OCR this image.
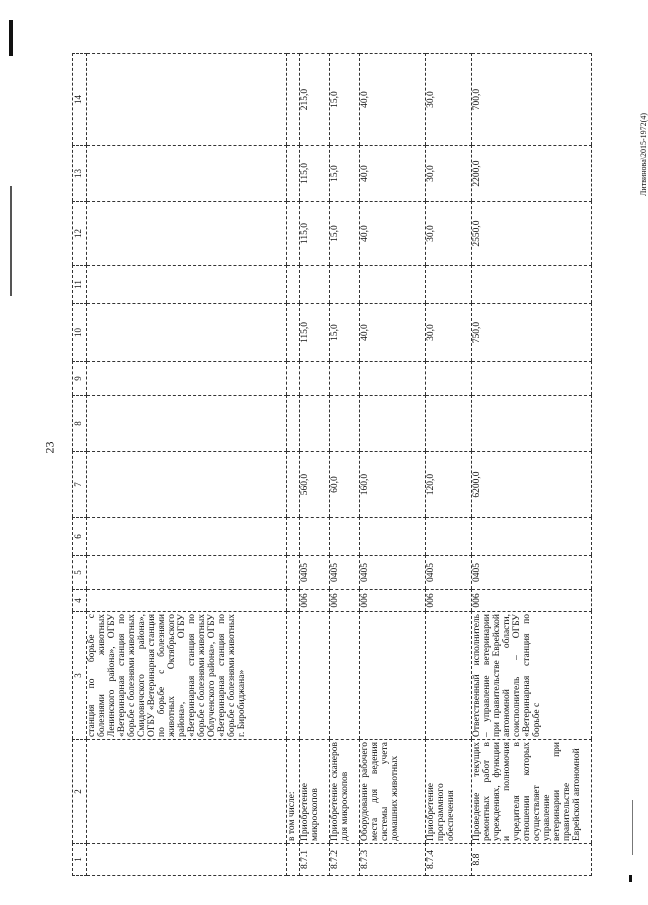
23
Литвинова\2015-1972(4)
1	2	3	4	5	6	7	8	9	10	11	12	13	14
		станция по борьбе с болезнями животных Ленинского района», ОГБУ «Ветеринарная станция по борьбе с болезнями животных Смидовичского района», ОГБУ «Ветеринарная станция по борьбе с болезнями животных Октябрьского района», ОГБУ «Ветеринарная станция по борьбе с болезнями животных Облученского района», ОГБУ «Ветеринарная станция по борьбе с болезнями животных г. Биробиджана»											
	в том числе:												
8.7.1	Приобретение микроскопов		006	0405		560,0			115,0		115,0	115,0	215,0
8.7.2	Приобретение сканеров для микроскопов		006	0405		60,0			15,0		15,0	15,0	15,0
8.7.3	Оборудование рабочего места для ведения системы учета домашних животных		006	0405		160,0			40,0		40,0	40,0	40,0
8.7.4	Приобретение программного обеспечения		006	0405		120,0			30,0		30,0	30,0	30,0
8.8	Проведение текущих ремонтных работ в учреждениях, функции и полномочия учредителя в отношении которых осуществляет управление ветеринарии при правительстве Еврейской автономной	Ответственный исполнитель – управление ветеринарии при правительстве Еврейской автономной области, соисполнитель – ОГБУ «Ветеринарная станция по борьбе с	006	0405		6200,0			750,0		2550,0	2200,0	700,0
